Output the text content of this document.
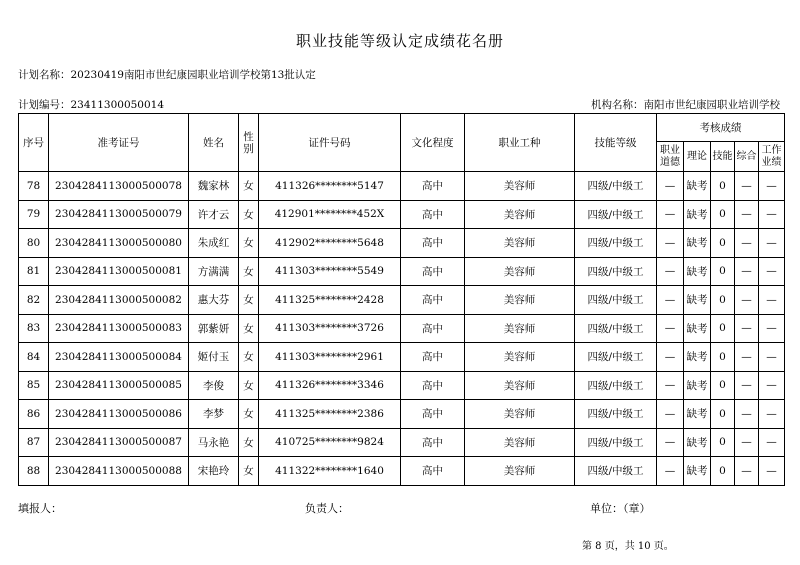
职业技能等级认定成绩花名册
计划名称：20230419南阳市世纪康园职业培训学校第13批认定
计划编号：23411300050014	机构名称：南阳市世纪康园职业培训学校
序号	准考证号	姓名	性别	证件号码	文化程度	职业工种	技能等级	考核成绩				
								职业道德	理论	技能	综合	工作业绩
78	2304284113000500078	魏家林	女	411326********5147	高中	美容师	四级/中级工	—	缺考	0	—	—
79	2304284113000500079	许才云	女	412901********452X	高中	美容师	四级/中级工	—	缺考	0	—	—
80	2304284113000500080	朱成红	女	412902********5648	高中	美容师	四级/中级工	—	缺考	0	—	—
81	2304284113000500081	方满满	女	411303********5549	高中	美容师	四级/中级工	—	缺考	0	—	—
82	2304284113000500082	惠大芬	女	411325********2428	高中	美容师	四级/中级工	—	缺考	0	—	—
83	2304284113000500083	郭紫妍	女	411303********3726	高中	美容师	四级/中级工	—	缺考	0	—	—
84	2304284113000500084	姬付玉	女	411303********2961	高中	美容师	四级/中级工	—	缺考	0	—	—
85	2304284113000500085	李俊	女	411326********3346	高中	美容师	四级/中级工	—	缺考	0	—	—
86	2304284113000500086	李梦	女	411325********2386	高中	美容师	四级/中级工	—	缺考	0	—	—
87	2304284113000500087	马永艳	女	410725********9824	高中	美容师	四级/中级工	—	缺考	0	—	—
88	2304284113000500088	宋艳玲	女	411322********1640	高中	美容师	四级/中级工	—	缺考	0	—	—
填报人：	负责人：	单位：（章）
第 8 页，共 10 页。
